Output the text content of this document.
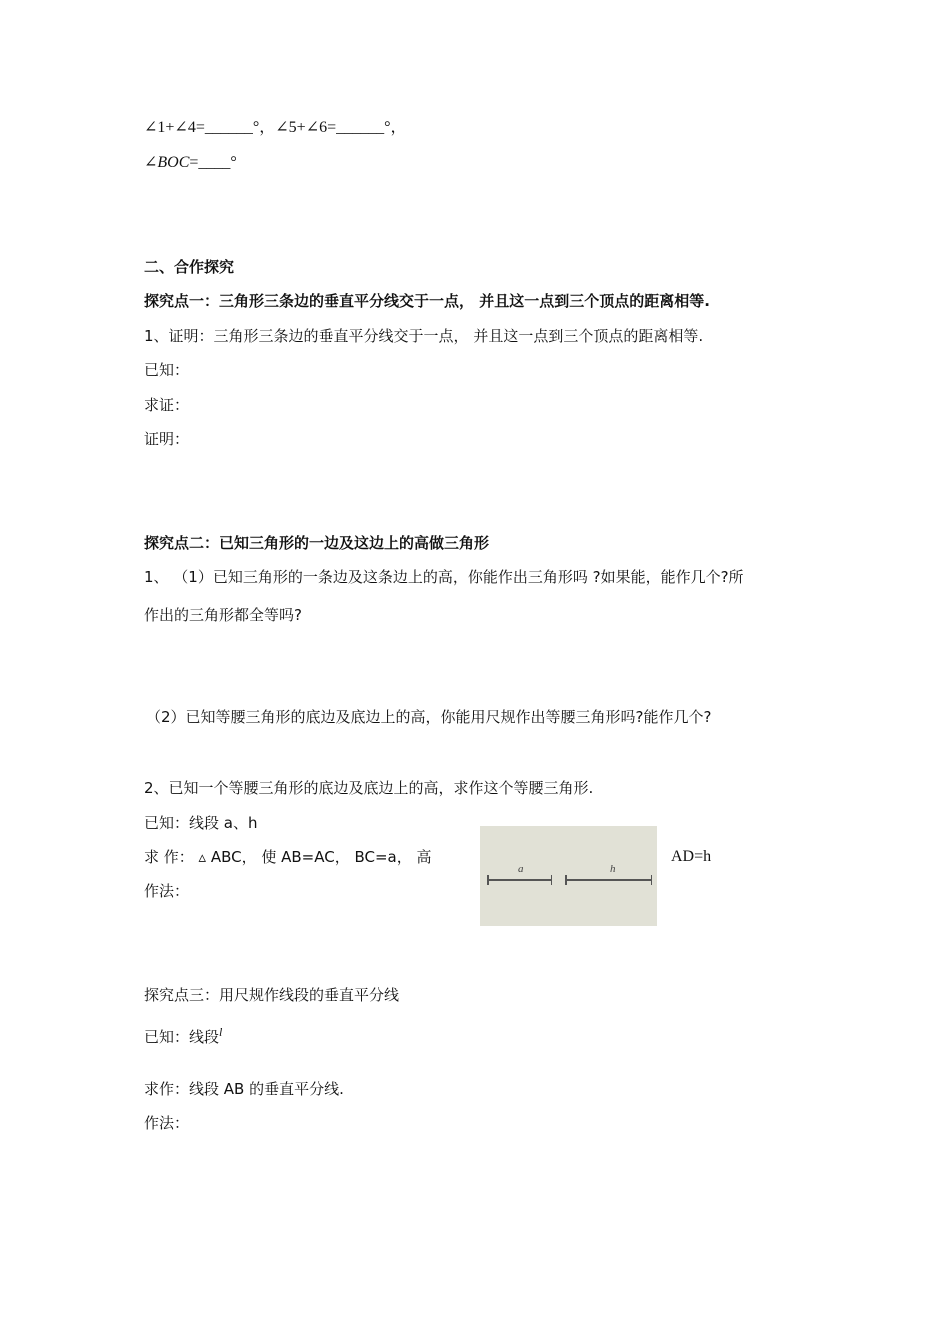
∠1+∠4=______°，∠5+∠6=______°，
∠BOC=____°
二、合作探究
探究点一：三角形三条边的垂直平分线交于一点， 并且这一点到三个顶点的距离相等.
1、证明：三角形三条边的垂直平分线交于一点， 并且这一点到三个顶点的距离相等.
已知：
求证：
证明：
探究点二：已知三角形的一边及这边上的高做三角形
1、 （1）已知三角形的一条边及这条边上的高，你能作出三角形吗 ?如果能，能作几个?所
作出的三角形都全等吗?
（2）已知等腰三角形的底边及底边上的高，你能用尺规作出等腰三角形吗?能作几个?
2、已知一个等腰三角形的底边及底边上的高，求作这个等腰三角形.
已知：线段 a、h
求 作： ▵ ABC， 使 AB=AC， BC=a， 高	AD=h
作法：
a	h
探究点三：用尺规作线段的垂直平分线
已知：线段$^l$
求作：线段 AB 的垂直平分线.
作法：
